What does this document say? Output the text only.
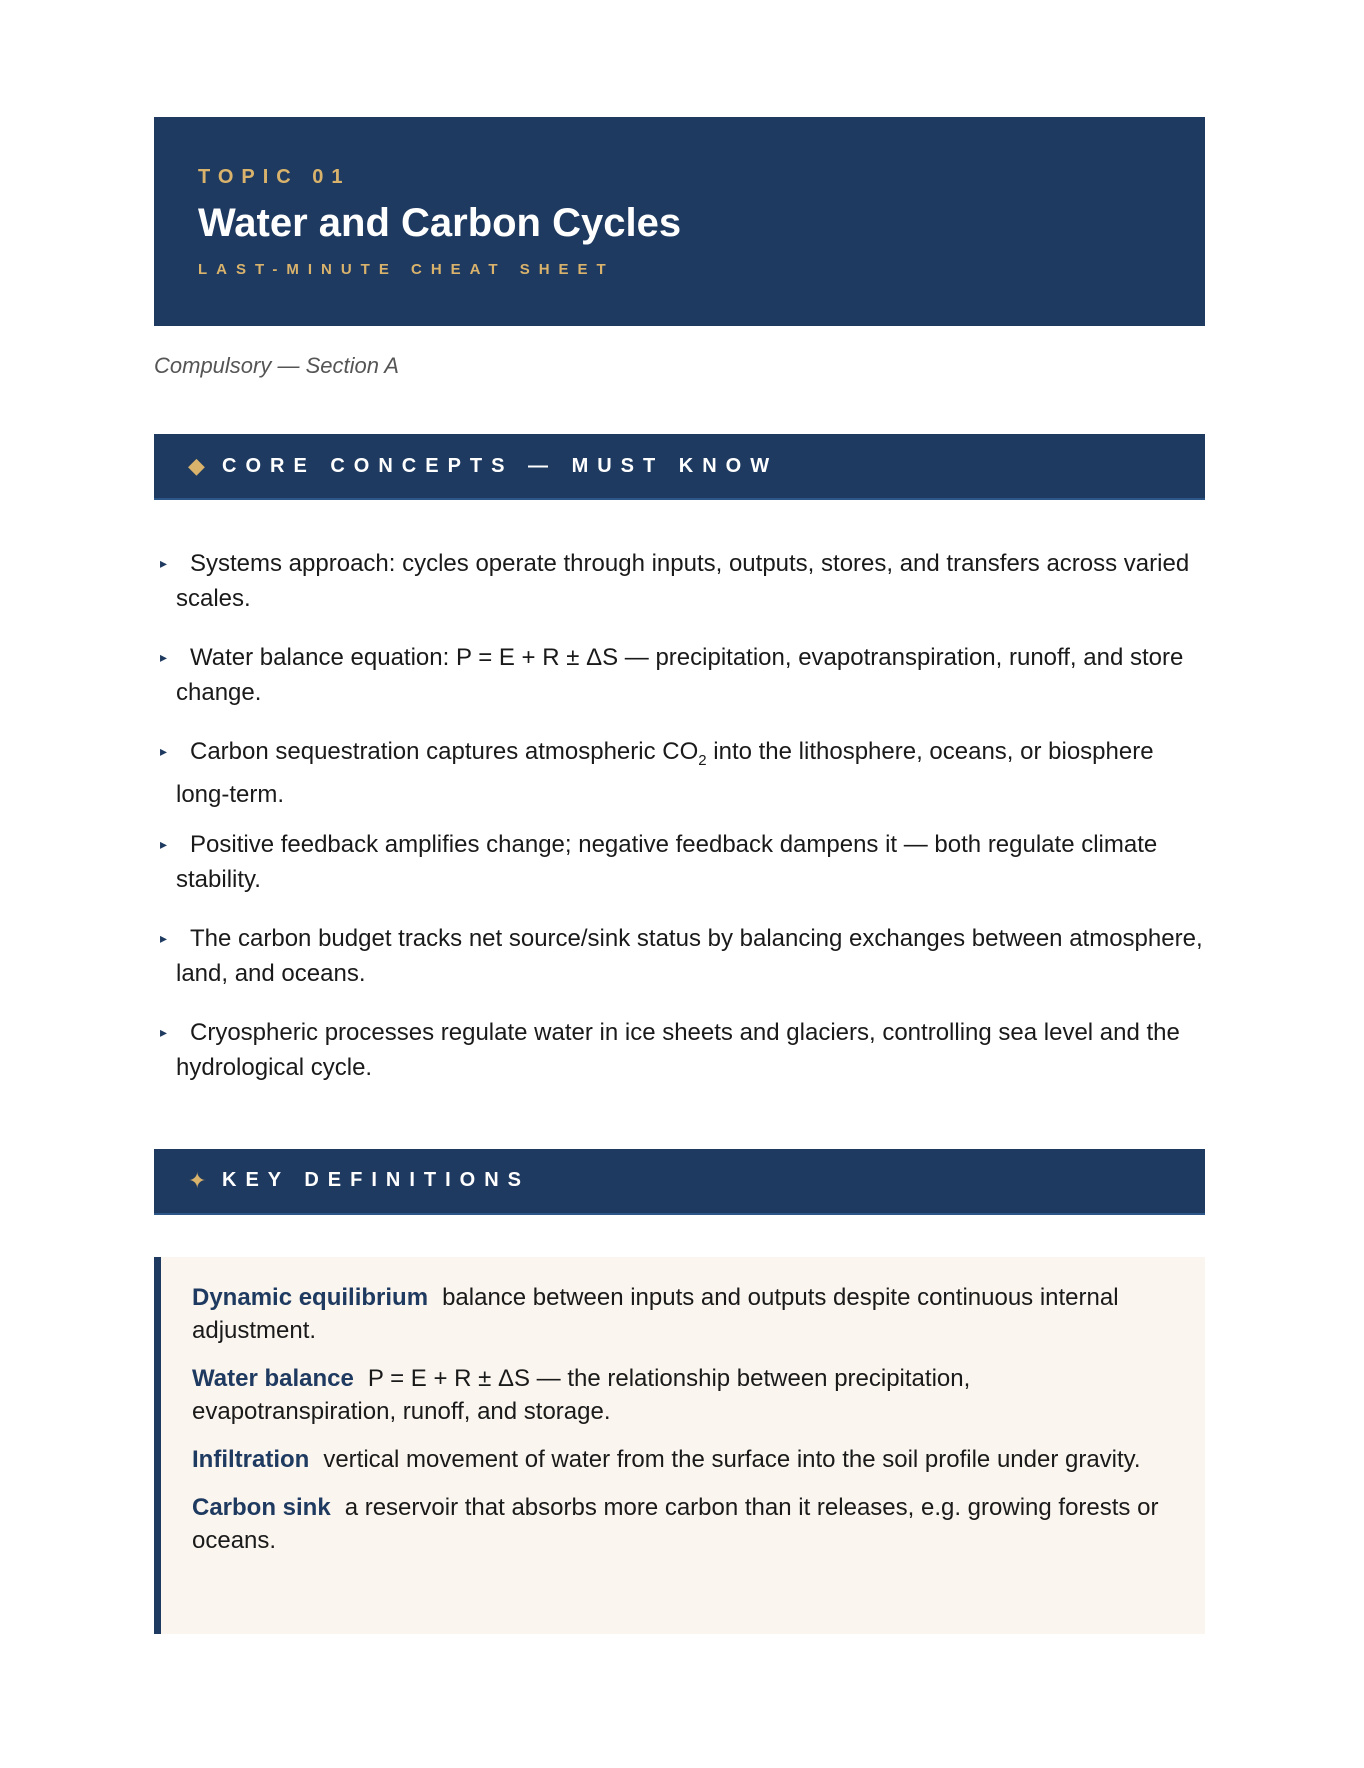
TOPIC 01
Water and Carbon Cycles
LAST-MINUTE CHEAT SHEET
Compulsory — Section A
◆ CORE CONCEPTS — MUST KNOW
▸ Systems approach: cycles operate through inputs, outputs, stores, and transfers across varied scales.
▸ Water balance equation: P = E + R ± ΔS — precipitation, evapotranspiration, runoff, and store change.
▸ Carbon sequestration captures atmospheric $CO_2$ into the lithosphere, oceans, or biosphere long-term.
▸ Positive feedback amplifies change; negative feedback dampens it — both regulate climate stability.
▸ The carbon budget tracks net source/sink status by balancing exchanges between atmosphere, land, and oceans.
▸ Cryospheric processes regulate water in ice sheets and glaciers, controlling sea level and the hydrological cycle.
✦ KEY DEFINITIONS
Dynamic equilibrium balance between inputs and outputs despite continuous internal adjustment.
Water balance P = E + R ± ΔS — the relationship between precipitation, evapotranspiration, runoff, and storage.
Infiltration vertical movement of water from the surface into the soil profile under gravity.
Carbon sink a reservoir that absorbs more carbon than it releases, e.g. growing forests or oceans.
